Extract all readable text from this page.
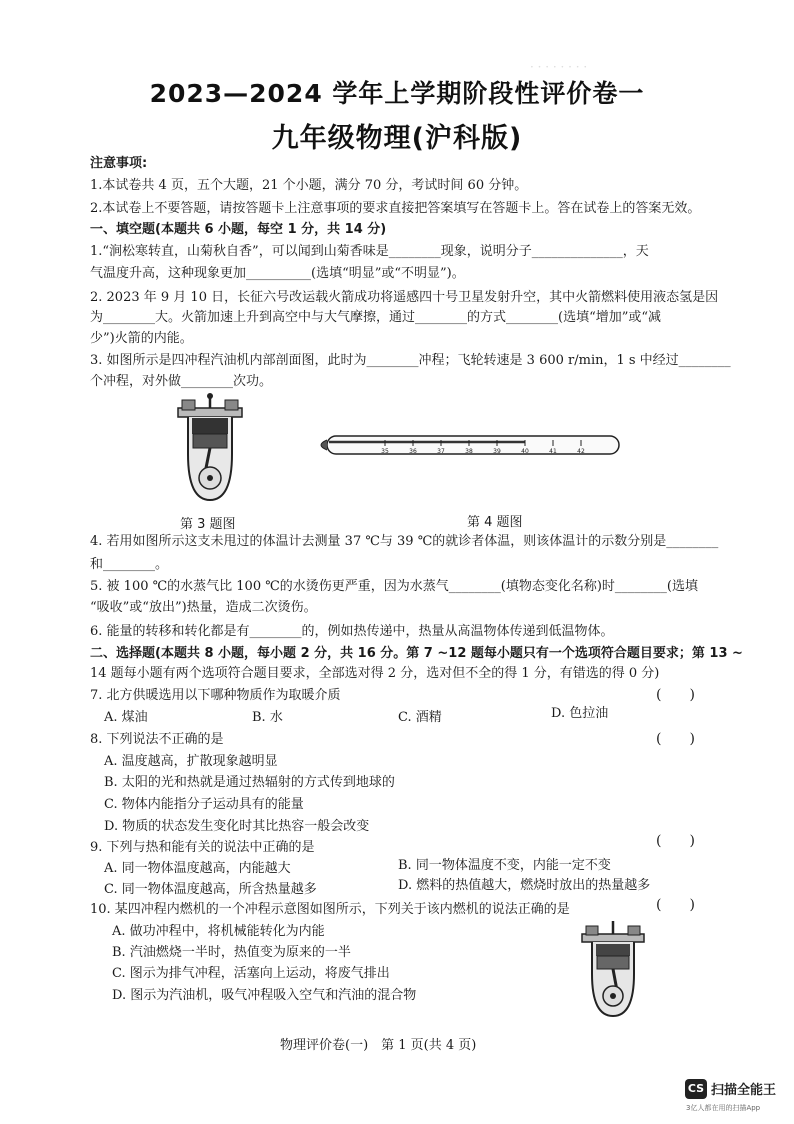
· · · · · · · ·
2023—2024 学年上学期阶段性评价卷一
九年级物理(沪科版)
注意事项:
1.本试卷共 4 页，五个大题，21 个小题，满分 70 分，考试时间 60 分钟。
2.本试卷上不要答题，请按答题卡上注意事项的要求直接把答案填写在答题卡上。答在试卷上的答案无效。
一、填空题(本题共 6 小题，每空 1 分，共 14 分)
1.“涧松寒转直，山菊秋自香”，可以闻到山菊香味是________现象，说明分子______________，天
气温度升高，这种现象更加__________(选填“明显”或“不明显”)。
2. 2023 年 9 月 10 日，长征六号改运载火箭成功将遥感四十号卫星发射升空，其中火箭燃料使用液态氢是因
为________大。火箭加速上升到高空中与大气摩擦，通过________的方式________(选填“增加”或“减
少”)火箭的内能。
3. 如图所示是四冲程汽油机内部剖面图，此时为________冲程；飞轮转速是 3 600 r/min，1 s 中经过________
个冲程，对外做________次功。
第 3 题图
35	36	37	38	39	40	41	42
第 4 题图
4. 若用如图所示这支未甩过的体温计去测量 37 ℃与 39 ℃的就诊者体温，则该体温计的示数分别是________
和________。
5. 被 100 ℃的水蒸气比 100 ℃的水烫伤更严重，因为水蒸气________(填物态变化名称)时________(选填
“吸收”或“放出”)热量，造成二次烫伤。
6. 能量的转移和转化都是有________的，例如热传递中，热量从高温物体传递到低温物体。
二、选择题(本题共 8 小题，每小题 2 分，共 16 分。第 7 ~12 题每小题只有一个选项符合题目要求；第 13 ~
14 题每小题有两个选项符合题目要求，全部选对得 2 分，选对但不全的得 1 分，有错选的得 0 分)
7. 北方供暖选用以下哪种物质作为取暖介质	(　　)
A. 煤油	B. 水	C. 酒精	D. 色拉油
8. 下列说法不正确的是	(　　)
A. 温度越高，扩散现象越明显
B. 太阳的光和热就是通过热辐射的方式传到地球的
C. 物体内能指分子运动具有的能量
D. 物质的状态发生变化时其比热容一般会改变
9. 下列与热和能有关的说法中正确的是	(　　)
A. 同一物体温度越高，内能越大	B. 同一物体温度不变，内能一定不变
C. 同一物体温度越高，所含热量越多	D. 燃料的热值越大，燃烧时放出的热量越多
10. 某四冲程内燃机的一个冲程示意图如图所示，下列关于该内燃机的说法正确的是	(　　)
A. 做功冲程中，将机械能转化为内能
B. 汽油燃烧一半时，热值变为原来的一半
C. 图示为排气冲程，活塞向上运动，将废气排出
D. 图示为汽油机，吸气冲程吸入空气和汽油的混合物
物理评价卷(一)　第 1 页(共 4 页)
CS 扫描全能王
3亿人都在用的扫描App
